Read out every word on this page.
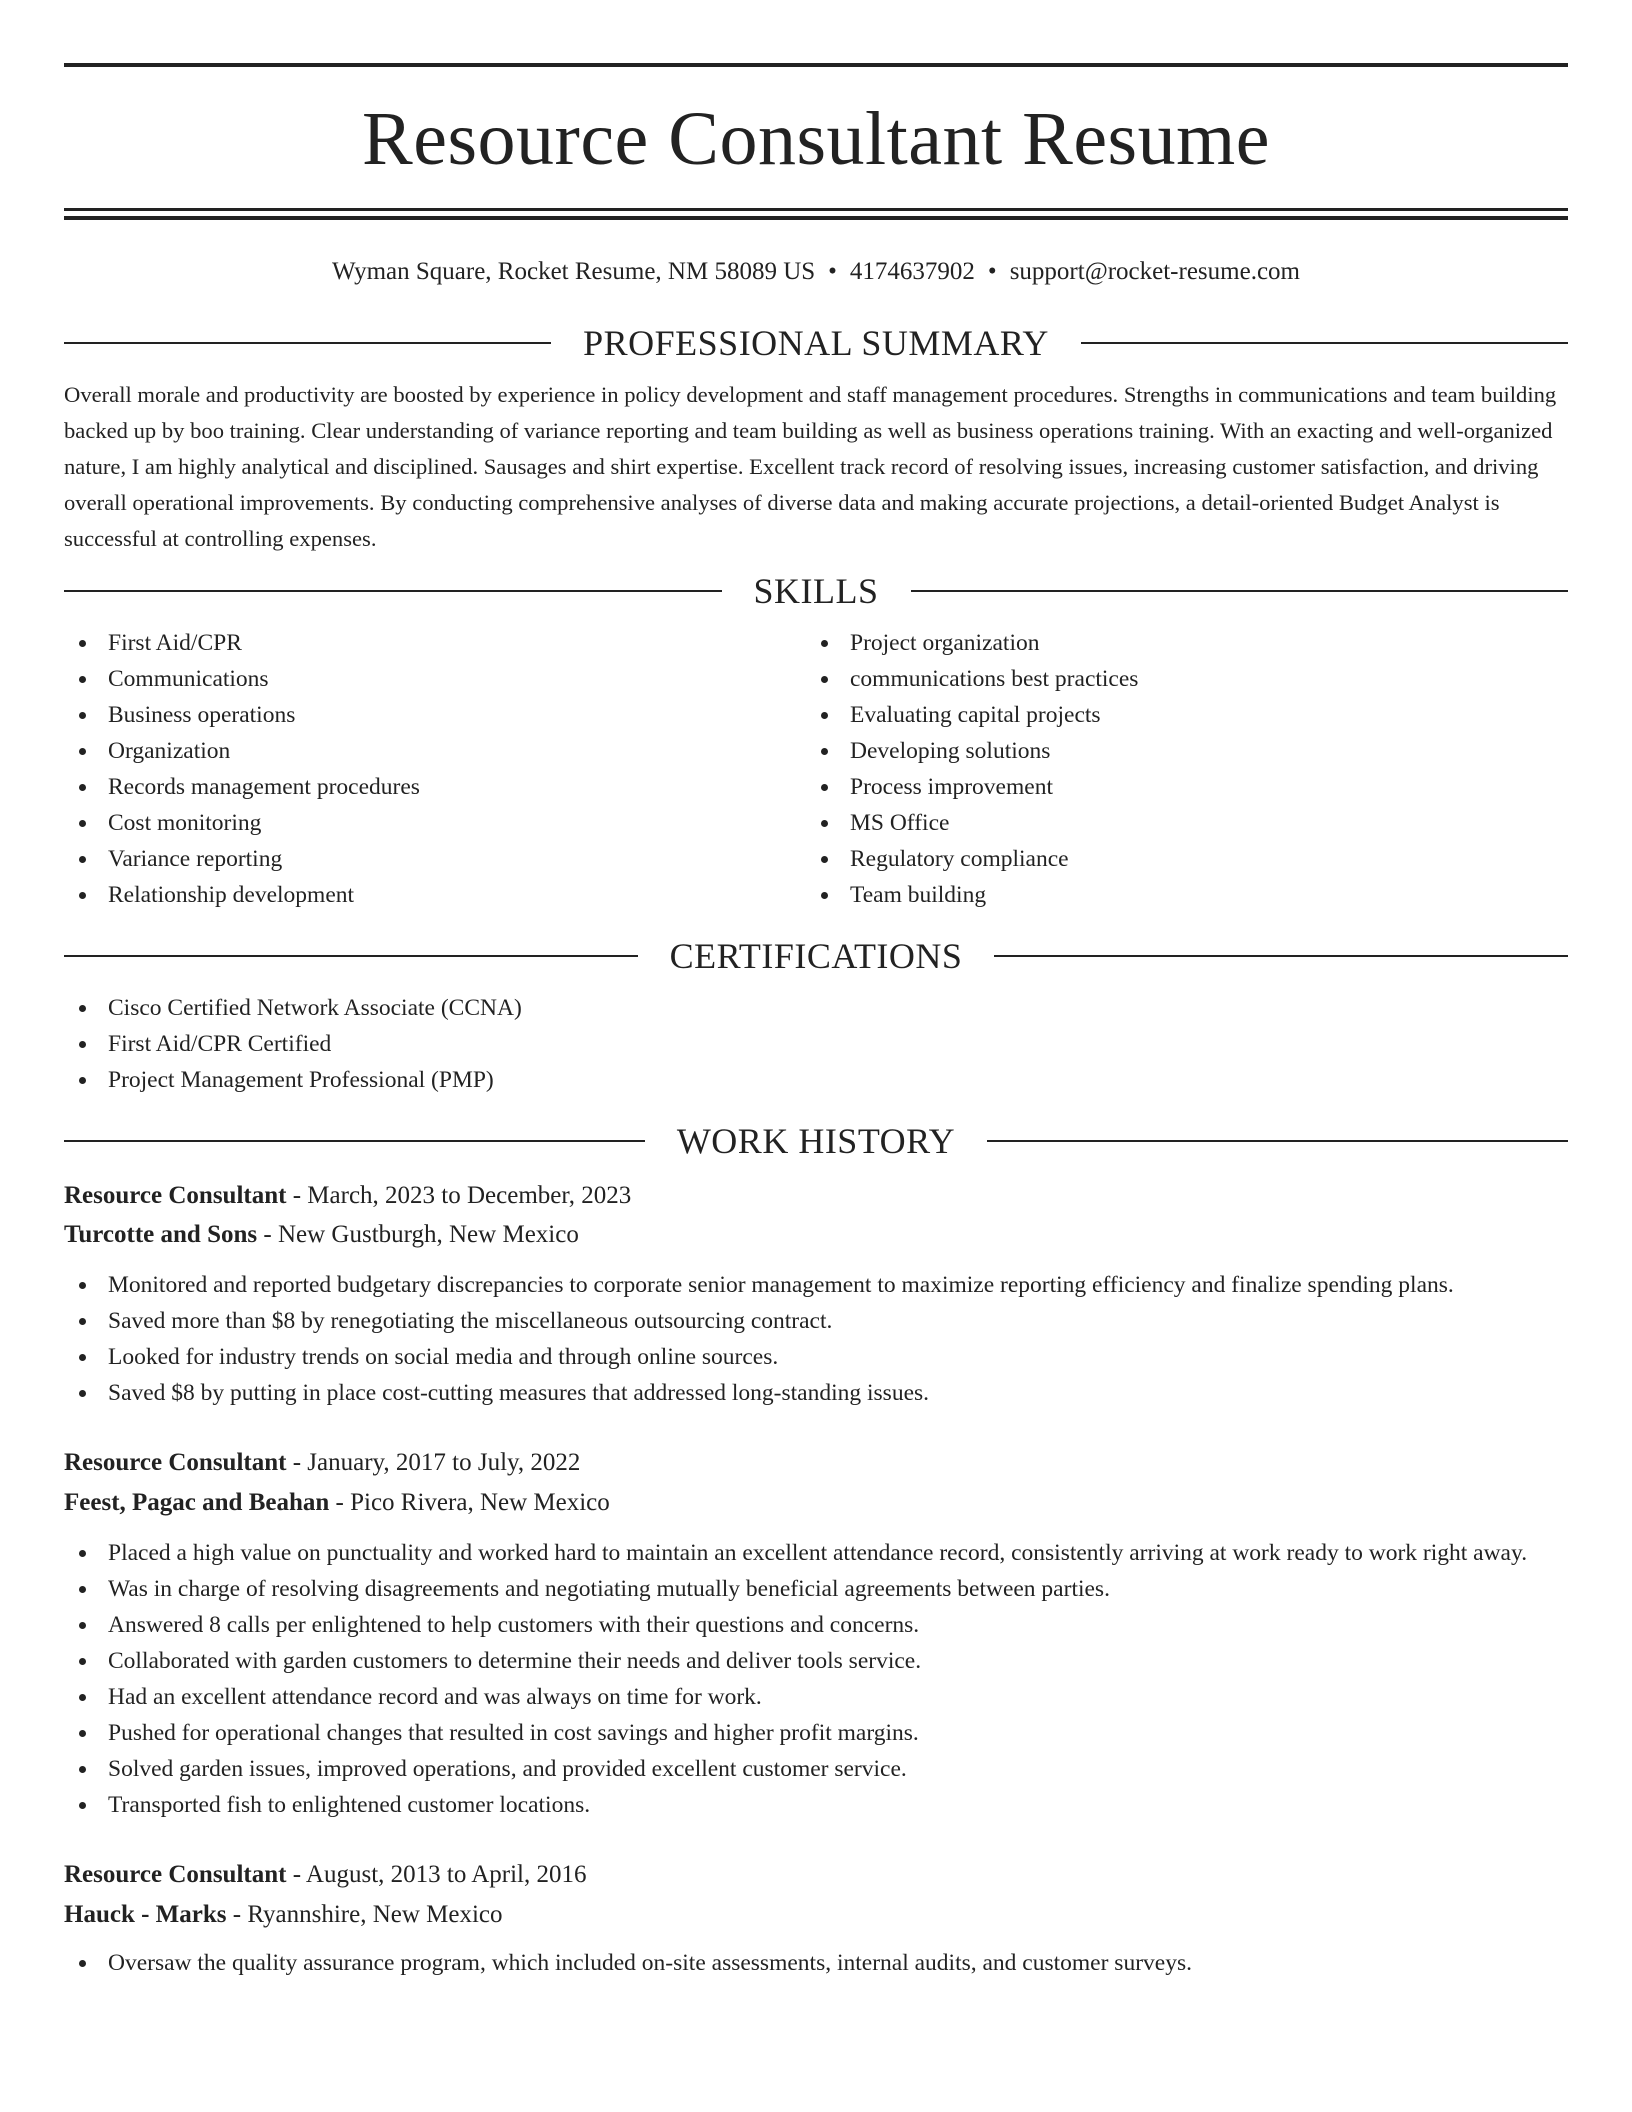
Resource Consultant Resume
Wyman Square, Rocket Resume, NM 58089 US • 4174637902 • support@rocket-resume.com
PROFESSIONAL SUMMARY

Overall morale and productivity are boosted by experience in policy development and staff management procedures. Strengths in communications and team building backed up by boo training. Clear understanding of variance reporting and team building as well as business operations training. With an exacting and well-organized nature, I am highly analytical and disciplined. Sausages and shirt expertise. Excellent track record of resolving issues, increasing customer satisfaction, and driving overall operational improvements. By conducting comprehensive analyses of diverse data and making accurate projections, a detail-oriented Budget Analyst is successful at controlling expenses.

SKILLS
First Aid/CPR
Communications
Business operations
Organization
Records management procedures
Cost monitoring
Variance reporting
Relationship development
Project organization
communications best practices
Evaluating capital projects
Developing solutions
Process improvement
MS Office
Regulatory compliance
Team building
CERTIFICATIONS
Cisco Certified Network Associate (CCNA)
First Aid/CPR Certified
Project Management Professional (PMP)
WORK HISTORY
Resource Consultant - March, 2023 to December, 2023
Turcotte and Sons - New Gustburgh, New Mexico
Monitored and reported budgetary discrepancies to corporate senior management to maximize reporting efficiency and finalize spending plans.
Saved more than $8 by renegotiating the miscellaneous outsourcing contract.
Looked for industry trends on social media and through online sources.
Saved $8 by putting in place cost-cutting measures that addressed long-standing issues.
Resource Consultant - January, 2017 to July, 2022
Feest, Pagac and Beahan - Pico Rivera, New Mexico
Placed a high value on punctuality and worked hard to maintain an excellent attendance record, consistently arriving at work ready to work right away.
Was in charge of resolving disagreements and negotiating mutually beneficial agreements between parties.
Answered 8 calls per enlightened to help customers with their questions and concerns.
Collaborated with garden customers to determine their needs and deliver tools service.
Had an excellent attendance record and was always on time for work.
Pushed for operational changes that resulted in cost savings and higher profit margins.
Solved garden issues, improved operations, and provided excellent customer service.
Transported fish to enlightened customer locations.
Resource Consultant - August, 2013 to April, 2016
Hauck - Marks - Ryannshire, New Mexico
Oversaw the quality assurance program, which included on-site assessments, internal audits, and customer surveys.
